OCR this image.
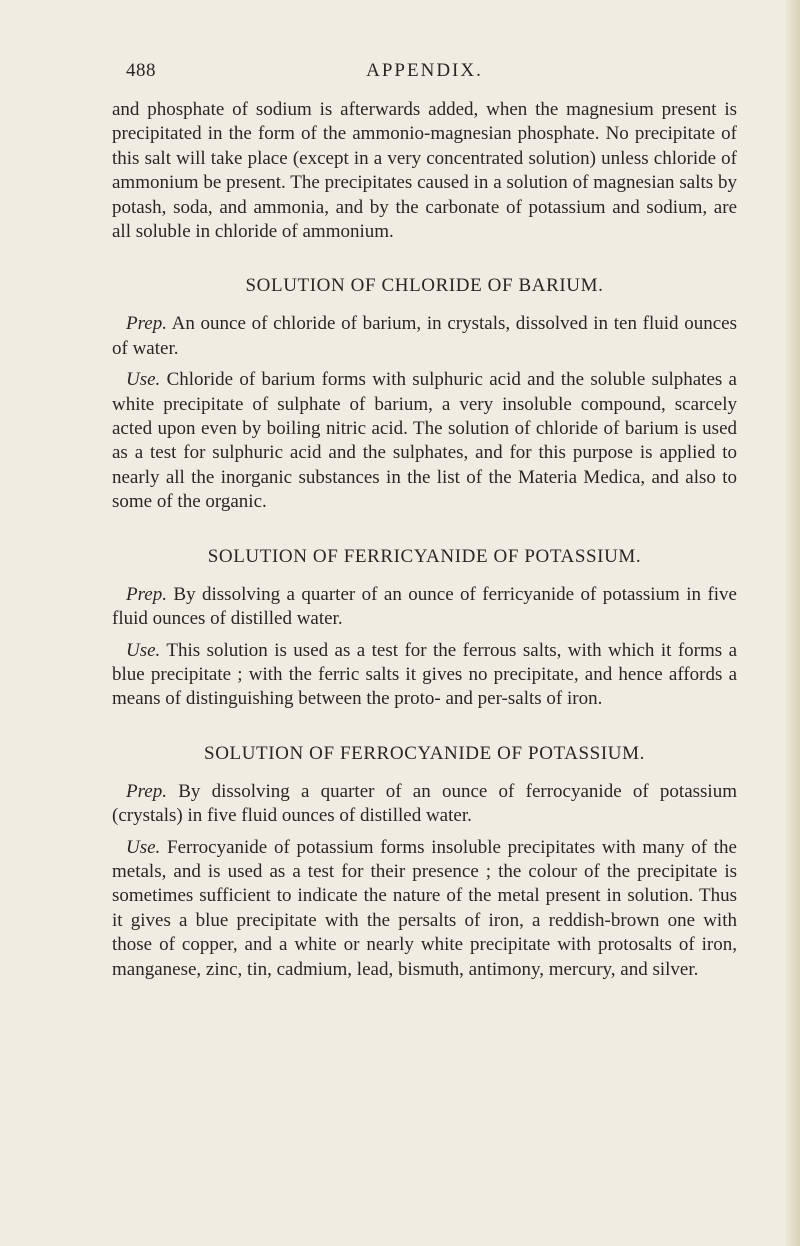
488	APPENDIX.

and phosphate of sodium is afterwards added, when the magnesium present is precipitated in the form of the ammonio-magnesian phosphate. No precipitate of this salt will take place (except in a very concentrated solution) unless chloride of ammonium be present. The precipitates caused in a solution of magnesian salts by potash, soda, and ammonia, and by the carbonate of potassium and sodium, are all soluble in chloride of ammonium.

SOLUTION OF CHLORIDE OF BARIUM.

Prep. An ounce of chloride of barium, in crystals, dissolved in ten fluid ounces of water.

Use. Chloride of barium forms with sulphuric acid and the soluble sulphates a white precipitate of sulphate of barium, a very insoluble compound, scarcely acted upon even by boiling nitric acid. The solution of chloride of barium is used as a test for sulphuric acid and the sulphates, and for this purpose is applied to nearly all the inorganic substances in the list of the Materia Medica, and also to some of the organic.

SOLUTION OF FERRICYANIDE OF POTASSIUM.

Prep. By dissolving a quarter of an ounce of ferricyanide of potassium in five fluid ounces of distilled water.

Use. This solution is used as a test for the ferrous salts, with which it forms a blue precipitate ; with the ferric salts it gives no precipitate, and hence affords a means of distinguishing between the proto- and per-salts of iron.

SOLUTION OF FERROCYANIDE OF POTASSIUM.

Prep. By dissolving a quarter of an ounce of ferrocyanide of potassium (crystals) in five fluid ounces of distilled water.

Use. Ferrocyanide of potassium forms insoluble precipitates with many of the metals, and is used as a test for their presence ; the colour of the precipitate is sometimes sufficient to indicate the nature of the metal present in solution. Thus it gives a blue precipitate with the persalts of iron, a reddish-brown one with those of copper, and a white or nearly white precipitate with protosalts of iron, manganese, zinc, tin, cadmium, lead, bismuth, antimony, mercury, and silver.
